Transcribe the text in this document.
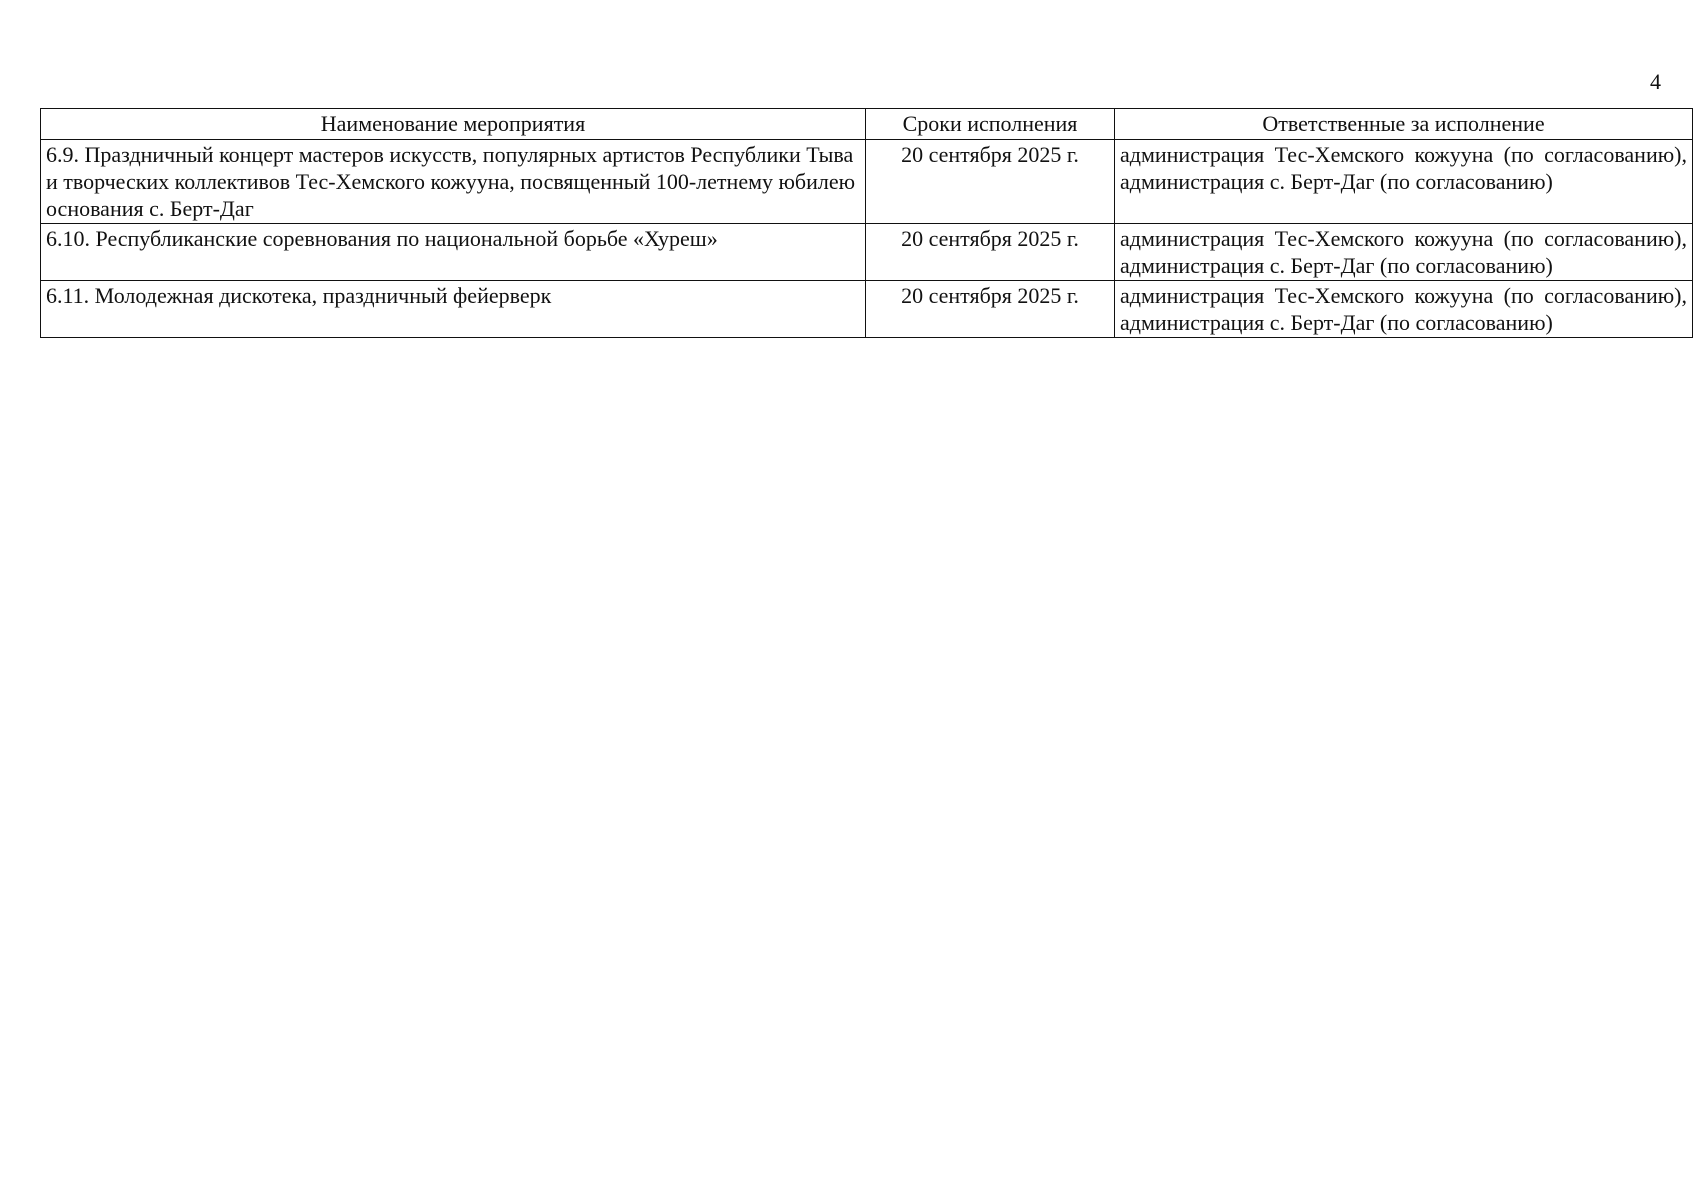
4
Наименование мероприятия	Сроки исполнения	Ответственные за исполнение
6.9. Праздничный концерт мастеров искусств, популярных артистов Республики Тыва и творческих коллективов Тес-Хемского кожууна, посвященный 100-летнему юбилею основания с. Берт-Даг	20 сентября 2025 г.	администрация Тес-Хемского кожууна (по согласованию), администрация с. Берт-Даг (по согласованию)
6.10. Республиканские соревнования по национальной борьбе «Хуреш»	20 сентября 2025 г.	администрация Тес-Хемского кожууна (по согласованию), администрация с. Берт-Даг (по согласованию)
6.11. Молодежная дискотека, праздничный фейерверк	20 сентября 2025 г.	администрация Тес-Хемского кожууна (по согласованию), администрация с. Берт-Даг (по согласованию)
